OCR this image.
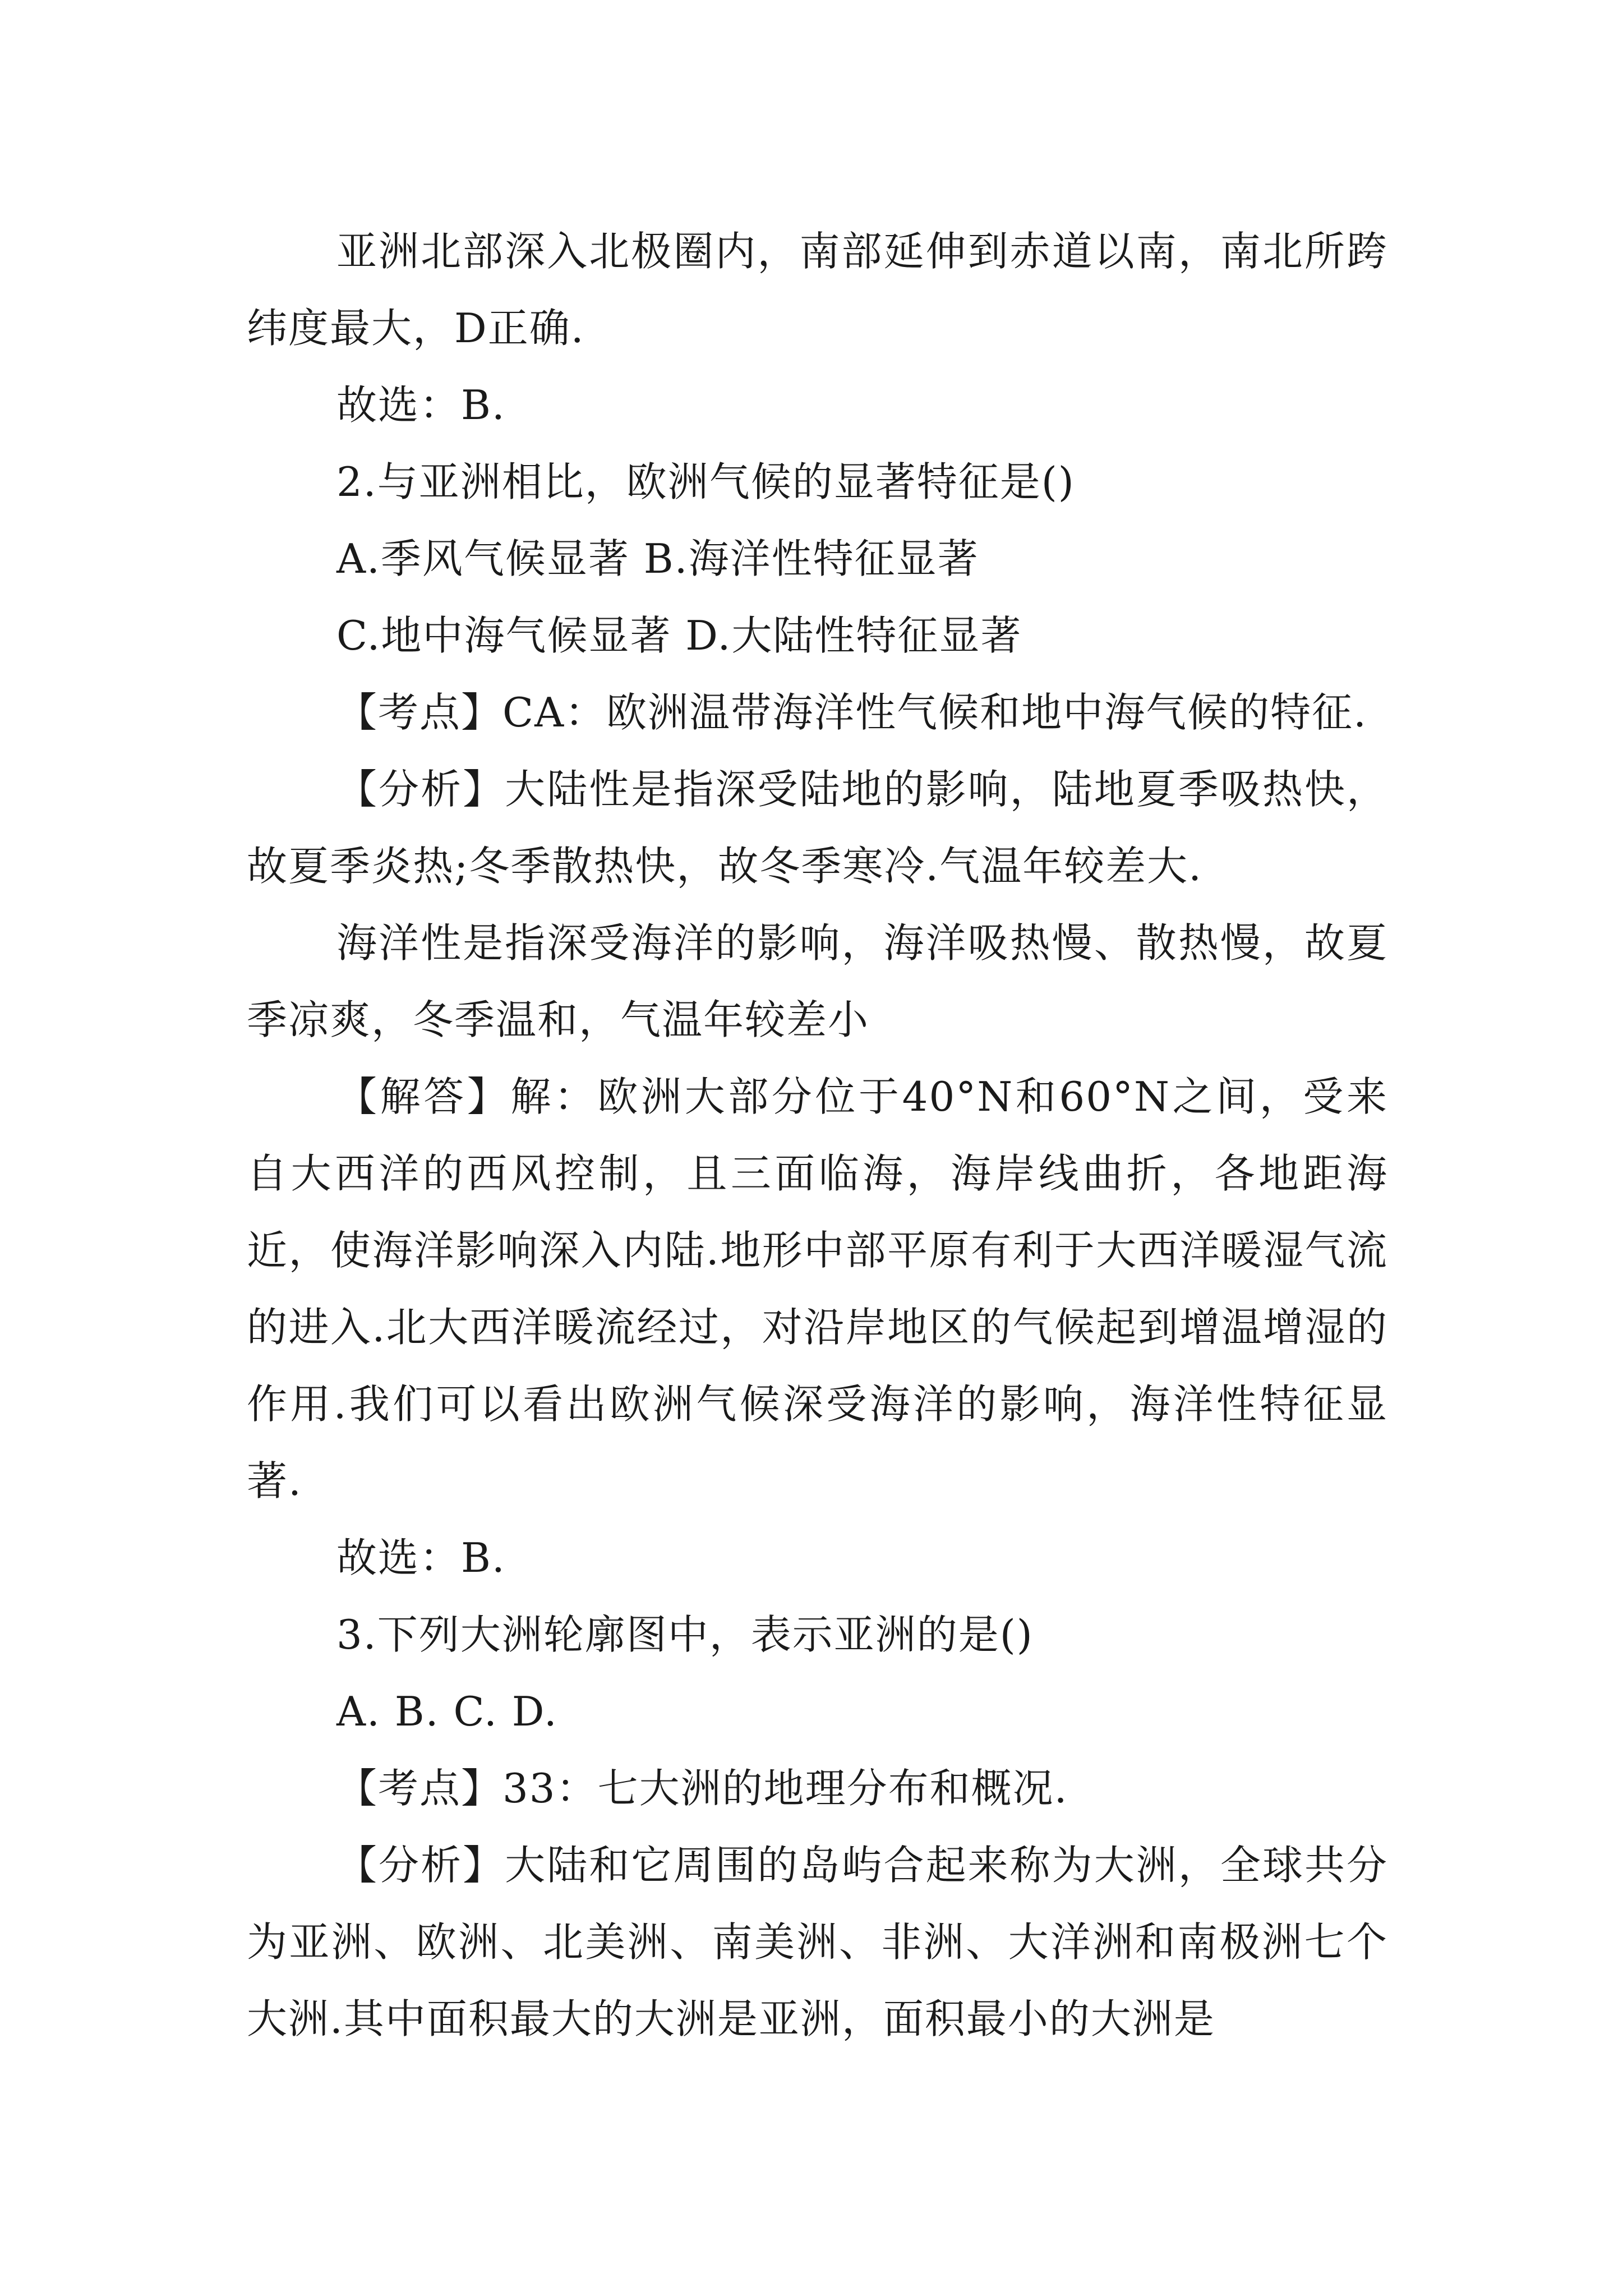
亚洲北部深入北极圈内，南部延伸到赤道以南，南北所跨纬度最大，D正确.

故选：B.

2.与亚洲相比，欧洲气候的显著特征是()

A.季风气候显著 B.海洋性特征显著

C.地中海气候显著 D.大陆性特征显著

【考点】CA：欧洲温带海洋性气候和地中海气候的特征.

【分析】大陆性是指深受陆地的影响，陆地夏季吸热快，故夏季炎热;冬季散热快，故冬季寒冷.气温年较差大.

海洋性是指深受海洋的影响，海洋吸热慢、散热慢，故夏季凉爽，冬季温和，气温年较差小

【解答】解：欧洲大部分位于40°N和60°N之间，受来自大西洋的西风控制，且三面临海，海岸线曲折，各地距海近，使海洋影响深入内陆.地形中部平原有利于大西洋暖湿气流的进入.北大西洋暖流经过，对沿岸地区的气候起到增温增湿的作用.我们可以看出欧洲气候深受海洋的影响，海洋性特征显著.

故选：B.

3.下列大洲轮廓图中，表示亚洲的是()

A. B. C. D.

【考点】33：七大洲的地理分布和概况.

【分析】大陆和它周围的岛屿合起来称为大洲，全球共分为亚洲、欧洲、北美洲、南美洲、非洲、大洋洲和南极洲七个大洲.其中面积最大的大洲是亚洲，面积最小的大洲是
